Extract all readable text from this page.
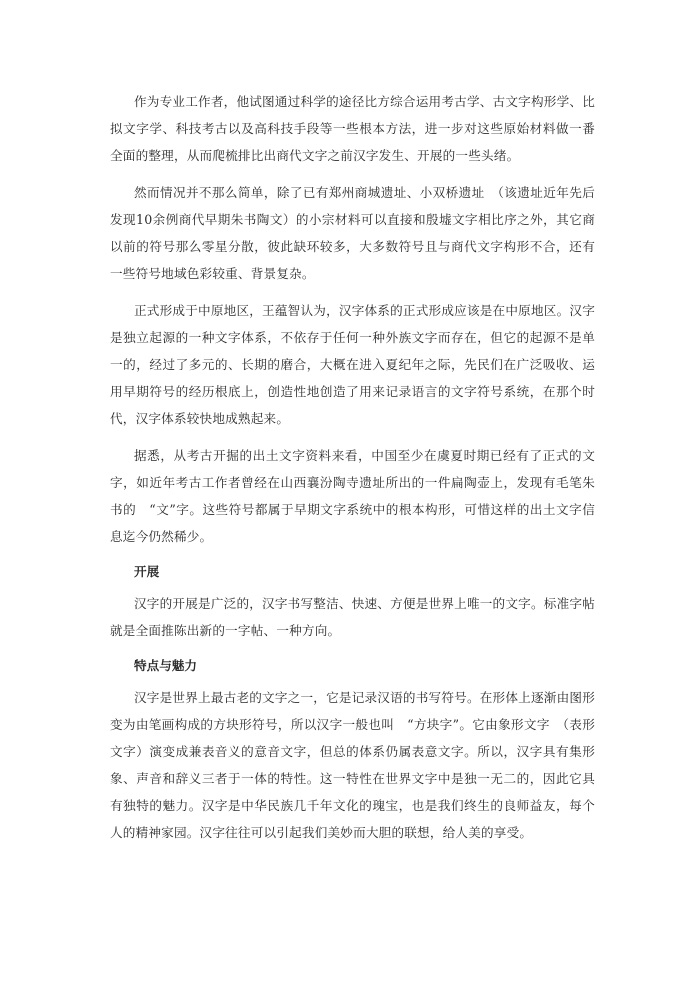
作为专业工作者，他试图通过科学的途径比方综合运用考古学、古文字构形学、比拟文字学、科技考古以及高科技手段等一些根本方法，进一步对这些原始材料做一番全面的整理，从而爬梳排比出商代文字之前汉字发生、开展的一些头绪。

然而情况并不那么简单，除了已有郑州商城遗址、小双桥遗址　（该遗址近年先后发现10余例商代早期朱书陶文）的小宗材料可以直接和殷墟文字相比序之外，其它商以前的符号那么零星分散，彼此缺环较多，大多数符号且与商代文字构形不合，还有一些符号地域色彩较重、背景复杂。

正式形成于中原地区，王蕴智认为，汉字体系的正式形成应该是在中原地区。汉字是独立起源的一种文字体系，不依存于任何一种外族文字而存在，但它的起源不是单一的，经过了多元的、长期的磨合，大概在进入夏纪年之际，先民们在广泛吸收、运用早期符号的经历根底上，创造性地创造了用来记录语言的文字符号系统，在那个时代，汉字体系较快地成熟起来。

据悉，从考古开掘的出土文字资料来看，中国至少在虞夏时期已经有了正式的文字，如近年考古工作者曾经在山西襄汾陶寺遗址所出的一件扁陶壶上，发现有毛笔朱书的　“文”字。这些符号都属于早期文字系统中的根本构形，可惜这样的出土文字信息迄今仍然稀少。

开展

汉字的开展是广泛的，汉字书写整洁、快速、方便是世界上唯一的文字。标准字帖就是全面推陈出新的一字帖、一种方向。

特点与魅力

汉字是世界上最古老的文字之一，它是记录汉语的书写符号。在形体上逐渐由图形变为由笔画构成的方块形符号，所以汉字一般也叫　“方块字”。它由象形文字　（表形文字）演变成兼表音义的意音文字，但总的体系仍属表意文字。所以，汉字具有集形象、声音和辞义三者于一体的特性。这一特性在世界文字中是独一无二的，因此它具有独特的魅力。汉字是中华民族几千年文化的瑰宝，也是我们终生的良师益友，每个人的精神家园。汉字往往可以引起我们美妙而大胆的联想，给人美的享受。
